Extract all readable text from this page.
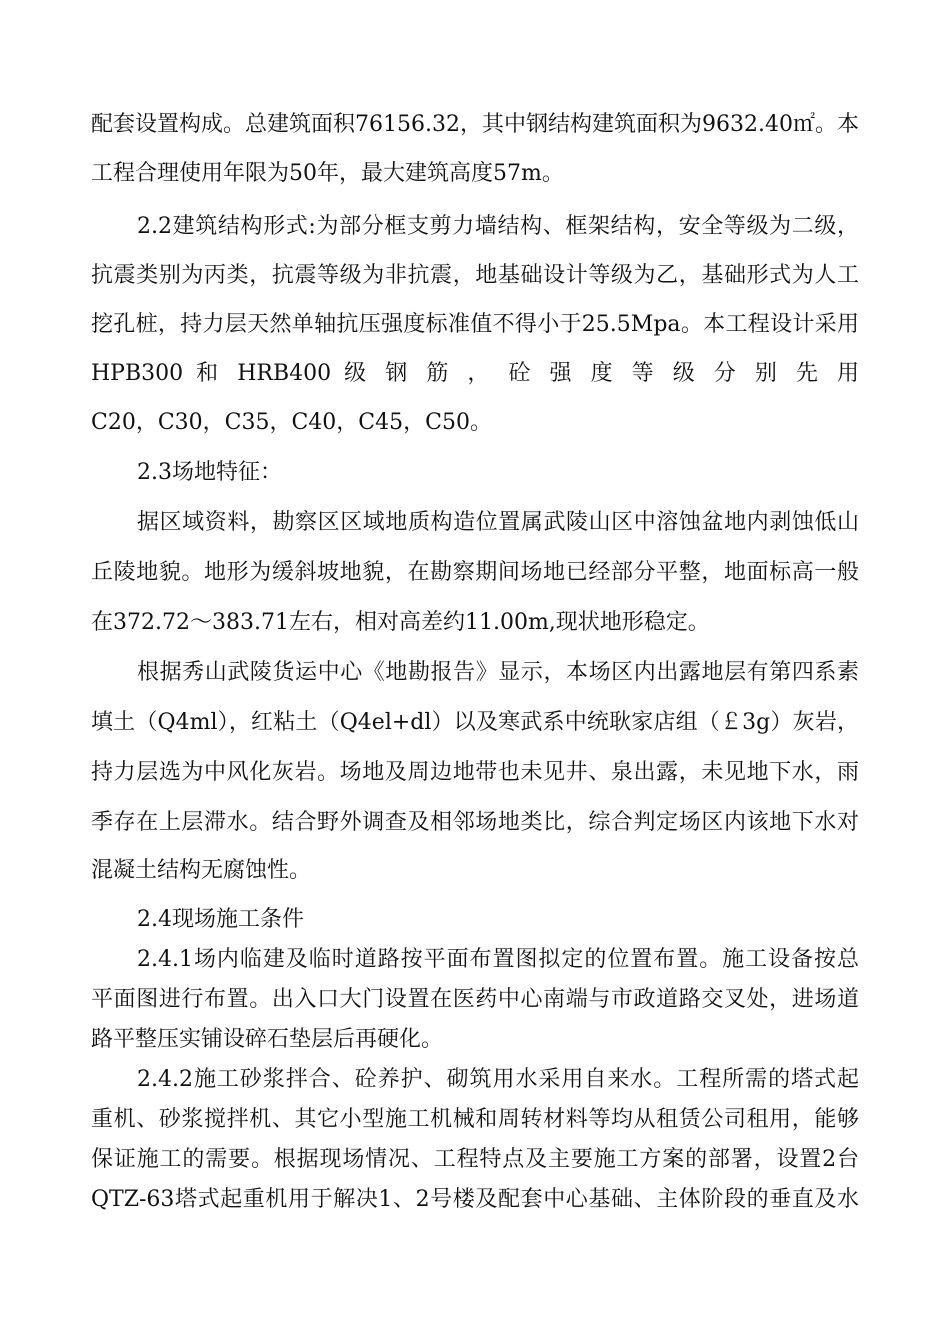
配套设置构成。总建筑面积76156.32，其中钢结构建筑面积为9632.40㎡。本
工程合理使用年限为50年，最大建筑高度57m。
2.2建筑结构形式:为部分框支剪力墙结构、框架结构，安全等级为二级，
抗震类别为丙类，抗震等级为非抗震，地基础设计等级为乙，基础形式为人工
挖孔桩，持力层天然单轴抗压强度标准值不得小于25.5Mpa。本工程设计采用
HPB300 和 HRB400 级 钢 筋 ， 砼 强 度 等 级 分 别 先 用
C20，C30，C35，C40，C45，C50。
2.3场地特征：
据区域资料，勘察区区域地质构造位置属武陵山区中溶蚀盆地内剥蚀低山
丘陵地貌。地形为缓斜坡地貌，在勘察期间场地已经部分平整，地面标高一般
在372.72～383.71左右，相对高差约11.00m,现状地形稳定。
根据秀山武陵货运中心《地勘报告》显示，本场区内出露地层有第四系素
填土（Q4ml），红粘土（Q4el+dl）以及寒武系中统耿家店组（￡3g）灰岩，
持力层选为中风化灰岩。场地及周边地带也未见井、泉出露，未见地下水，雨
季存在上层滞水。结合野外调查及相邻场地类比，综合判定场区内该地下水对
混凝土结构无腐蚀性。
2.4现场施工条件
2.4.1场内临建及临时道路按平面布置图拟定的位置布置。施工设备按总
平面图进行布置。出入口大门设置在医药中心南端与市政道路交叉处，进场道
路平整压实铺设碎石垫层后再硬化。
2.4.2施工砂浆拌合、砼养护、砌筑用水采用自来水。工程所需的塔式起
重机、砂浆搅拌机、其它小型施工机械和周转材料等均从租赁公司租用，能够
保证施工的需要。根据现场情况、工程特点及主要施工方案的部署，设置2台
QTZ-63塔式起重机用于解决1、2号楼及配套中心基础、主体阶段的垂直及水
